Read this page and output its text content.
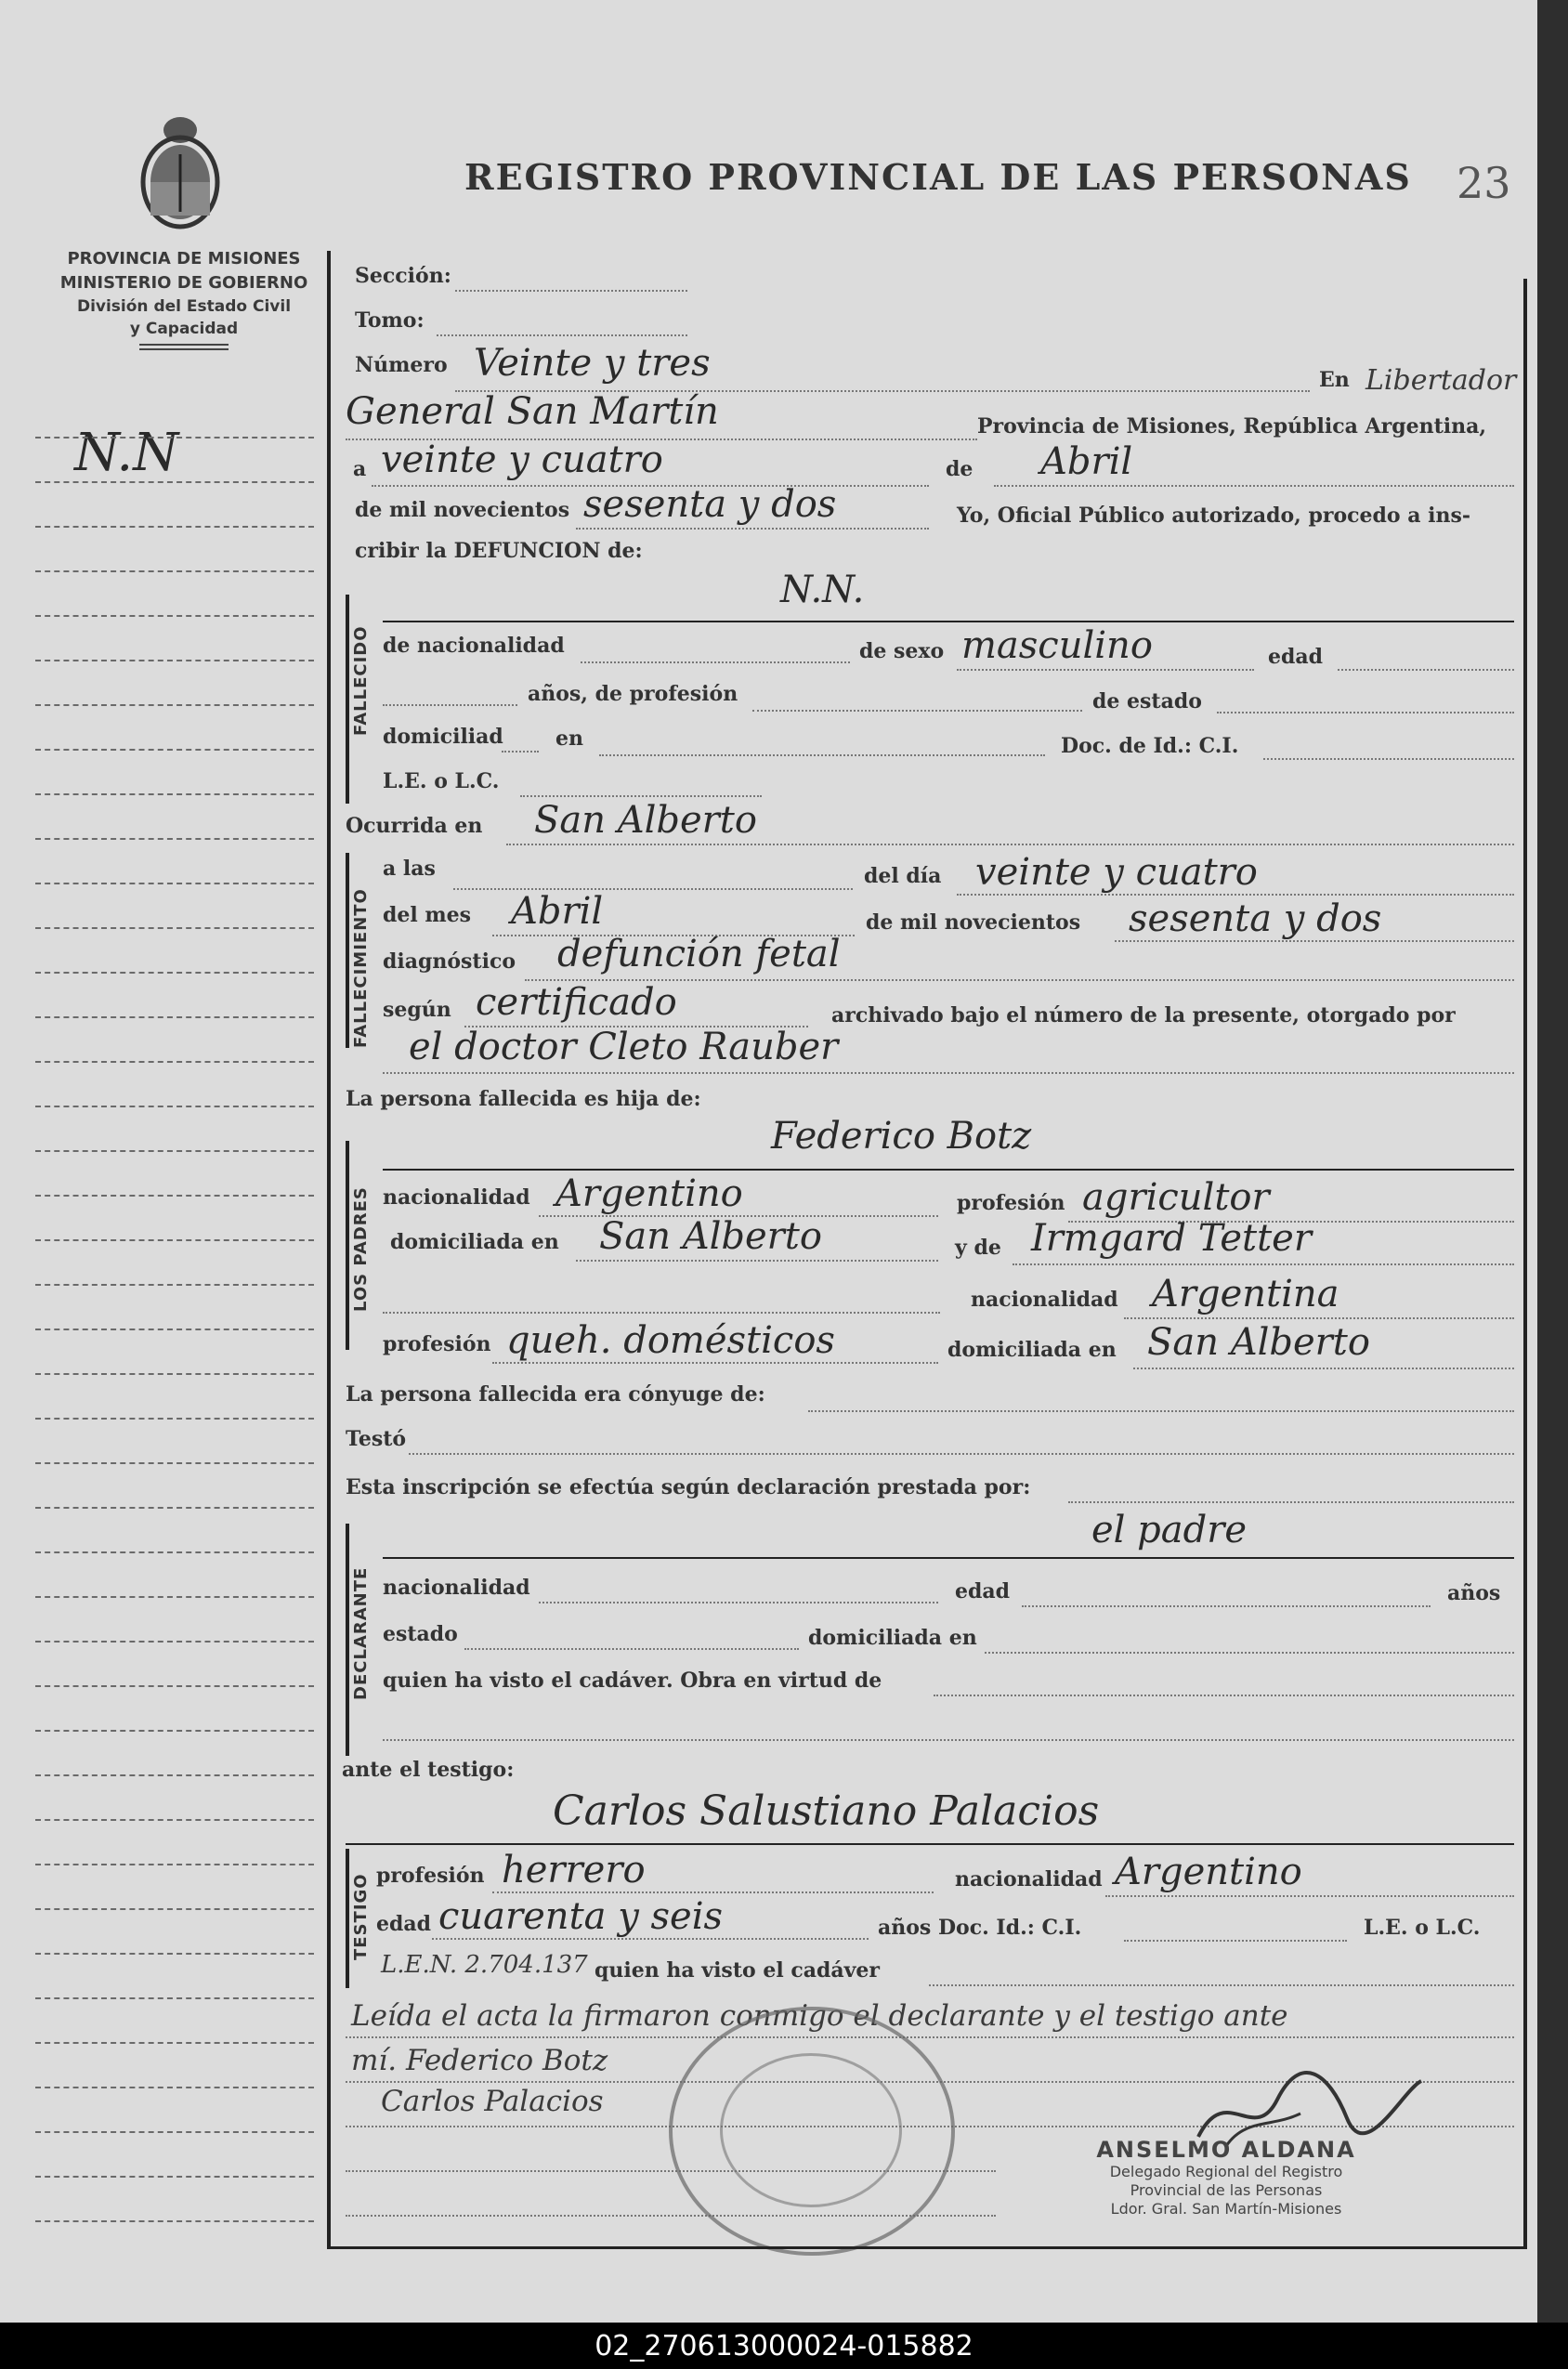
REGISTRO PROVINCIAL DE LAS PERSONAS 23
PROVINCIA DE MISIONES
MINISTERIO DE GOBIERNO
División del Estado Civil
y Capacidad
N.N
Sección:
Tomo:
Número Veinte y tres	En Libertador
General San Martín	Provincia de Misiones, República Argentina,
a veinte y cuatro	de Abril
de mil novecientos sesenta y dos	Yo, Oficial Público autorizado, procedo a ins-
cribir la DEFUNCION de:
FALLECIDO
N.N.
de nacionalidad	de sexo masculino	edad
años, de profesión	de estado
domiciliad	en	Doc. de Id.: C.I.
L.E. o L.C.
Ocurrida en San Alberto
FALLECIMIENTO
a las	del día veinte y cuatro
del mes Abril	de mil novecientos sesenta y dos
diagnóstico defunción fetal
según certificado	archivado bajo el número de la presente, otorgado por
el doctor Cleto Rauber
La persona fallecida es hija de:
LOS PADRES
Federico Botz
nacionalidad Argentino	profesión agricultor
domiciliada en San Alberto	y de Irmgard Tetter
nacionalidad Argentina
profesión queh. domésticos	domiciliada en San Alberto
La persona fallecida era cónyuge de:
Testó
Esta inscripción se efectúa según declaración prestada por:
DECLARANTE
el padre
nacionalidad	edad	años
estado	domiciliada en
quien ha visto el cadáver. Obra en virtud de
ante el testigo:
Carlos Salustiano Palacios
TESTIGO profesión herrero	nacionalidad Argentino
edad cuarenta y seis	años Doc. Id.: C.I.	L.E. o L.C.
L.E.N. 2.704.137 quien ha visto el cadáver
Leída el acta la firmaron conmigo el declarante y el testigo ante
mí. Federico Botz
Carlos Palacios
ANSELMO ALDANA
Delegado Regional del Registro
Provincial de las Personas
Ldor. Gral. San Martín-Misiones
02_270613000024-015882
